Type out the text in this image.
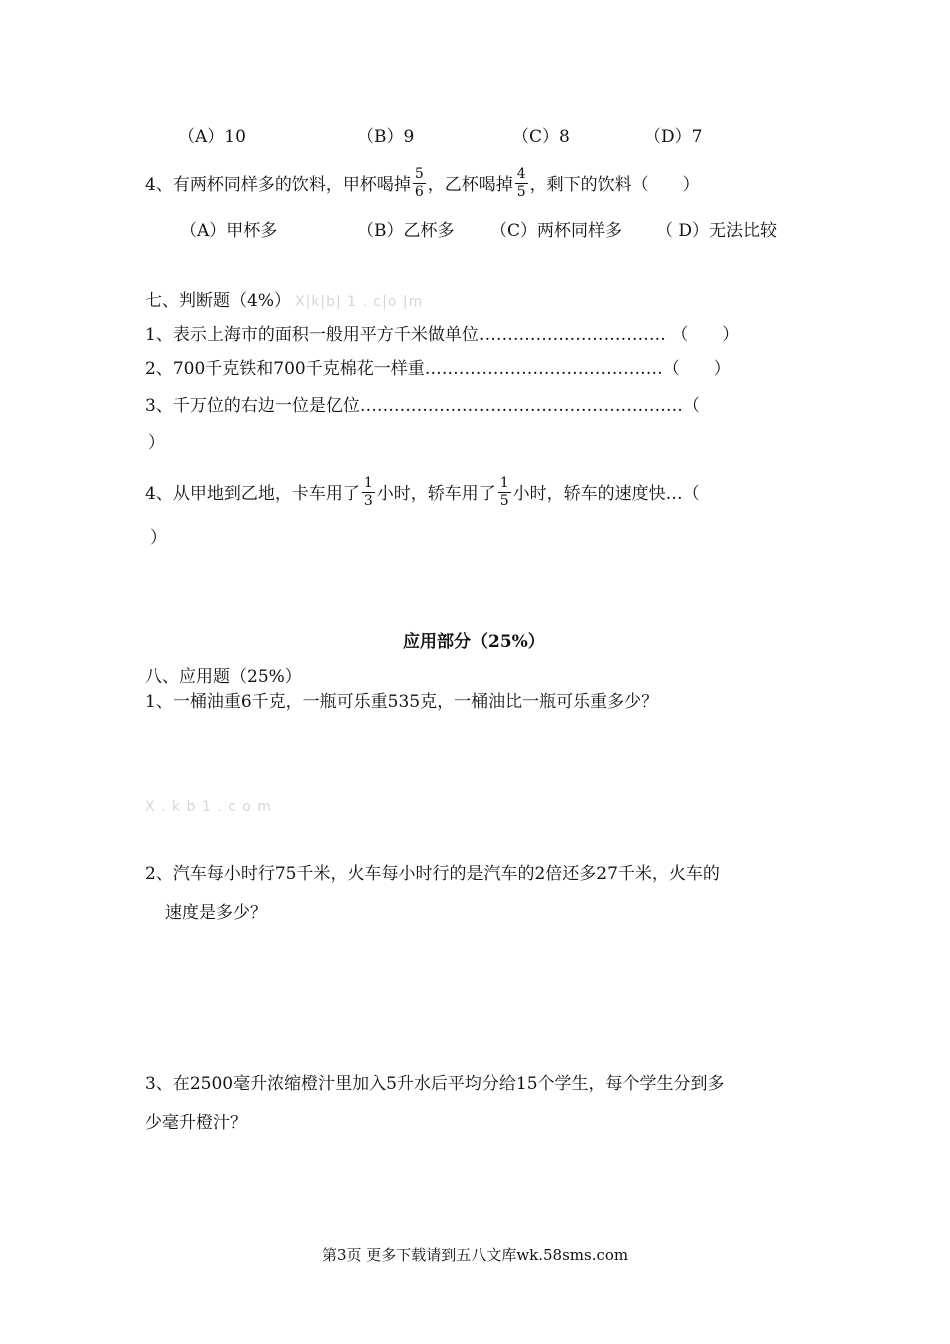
（A）10	（B）9	（C）8	（D）7
4、有两杯同样多的饮料，甲杯喝掉 $\frac{5}{6}$ ，乙杯喝掉 $\frac{4}{5}$ ，剩下的饮料（　　）
（A）甲杯多	（B）乙杯多 （C）两杯同样多 （ D）无法比较
七、判断题（4%） X|k|b| 1 . c|o |m
1、表示上海市的面积一般用平方千米做单位…………………………… （　　）
2、700千克铁和700千克棉花一样重……………………………………（　　）
3、千万位的右边一位是亿位…………………………………………………（
）
4、从甲地到乙地，卡车用了 $\frac{1}{3}$ 小时，轿车用了 $\frac{1}{5}$ 小时，轿车的速度快…（
）
应用部分（25%）
八、应用题（25%）
1、一桶油重6千克，一瓶可乐重535克，一桶油比一瓶可乐重多少？
X . k b 1 . c o m
2、汽车每小时行75千米，火车每小时行的是汽车的2倍还多27千米，火车的
速度是多少？
3、在2500毫升浓缩橙汁里加入5升水后平均分给15个学生，每个学生分到多
少毫升橙汁？
第3页 更多下载请到五八文库wk.58sms.com
